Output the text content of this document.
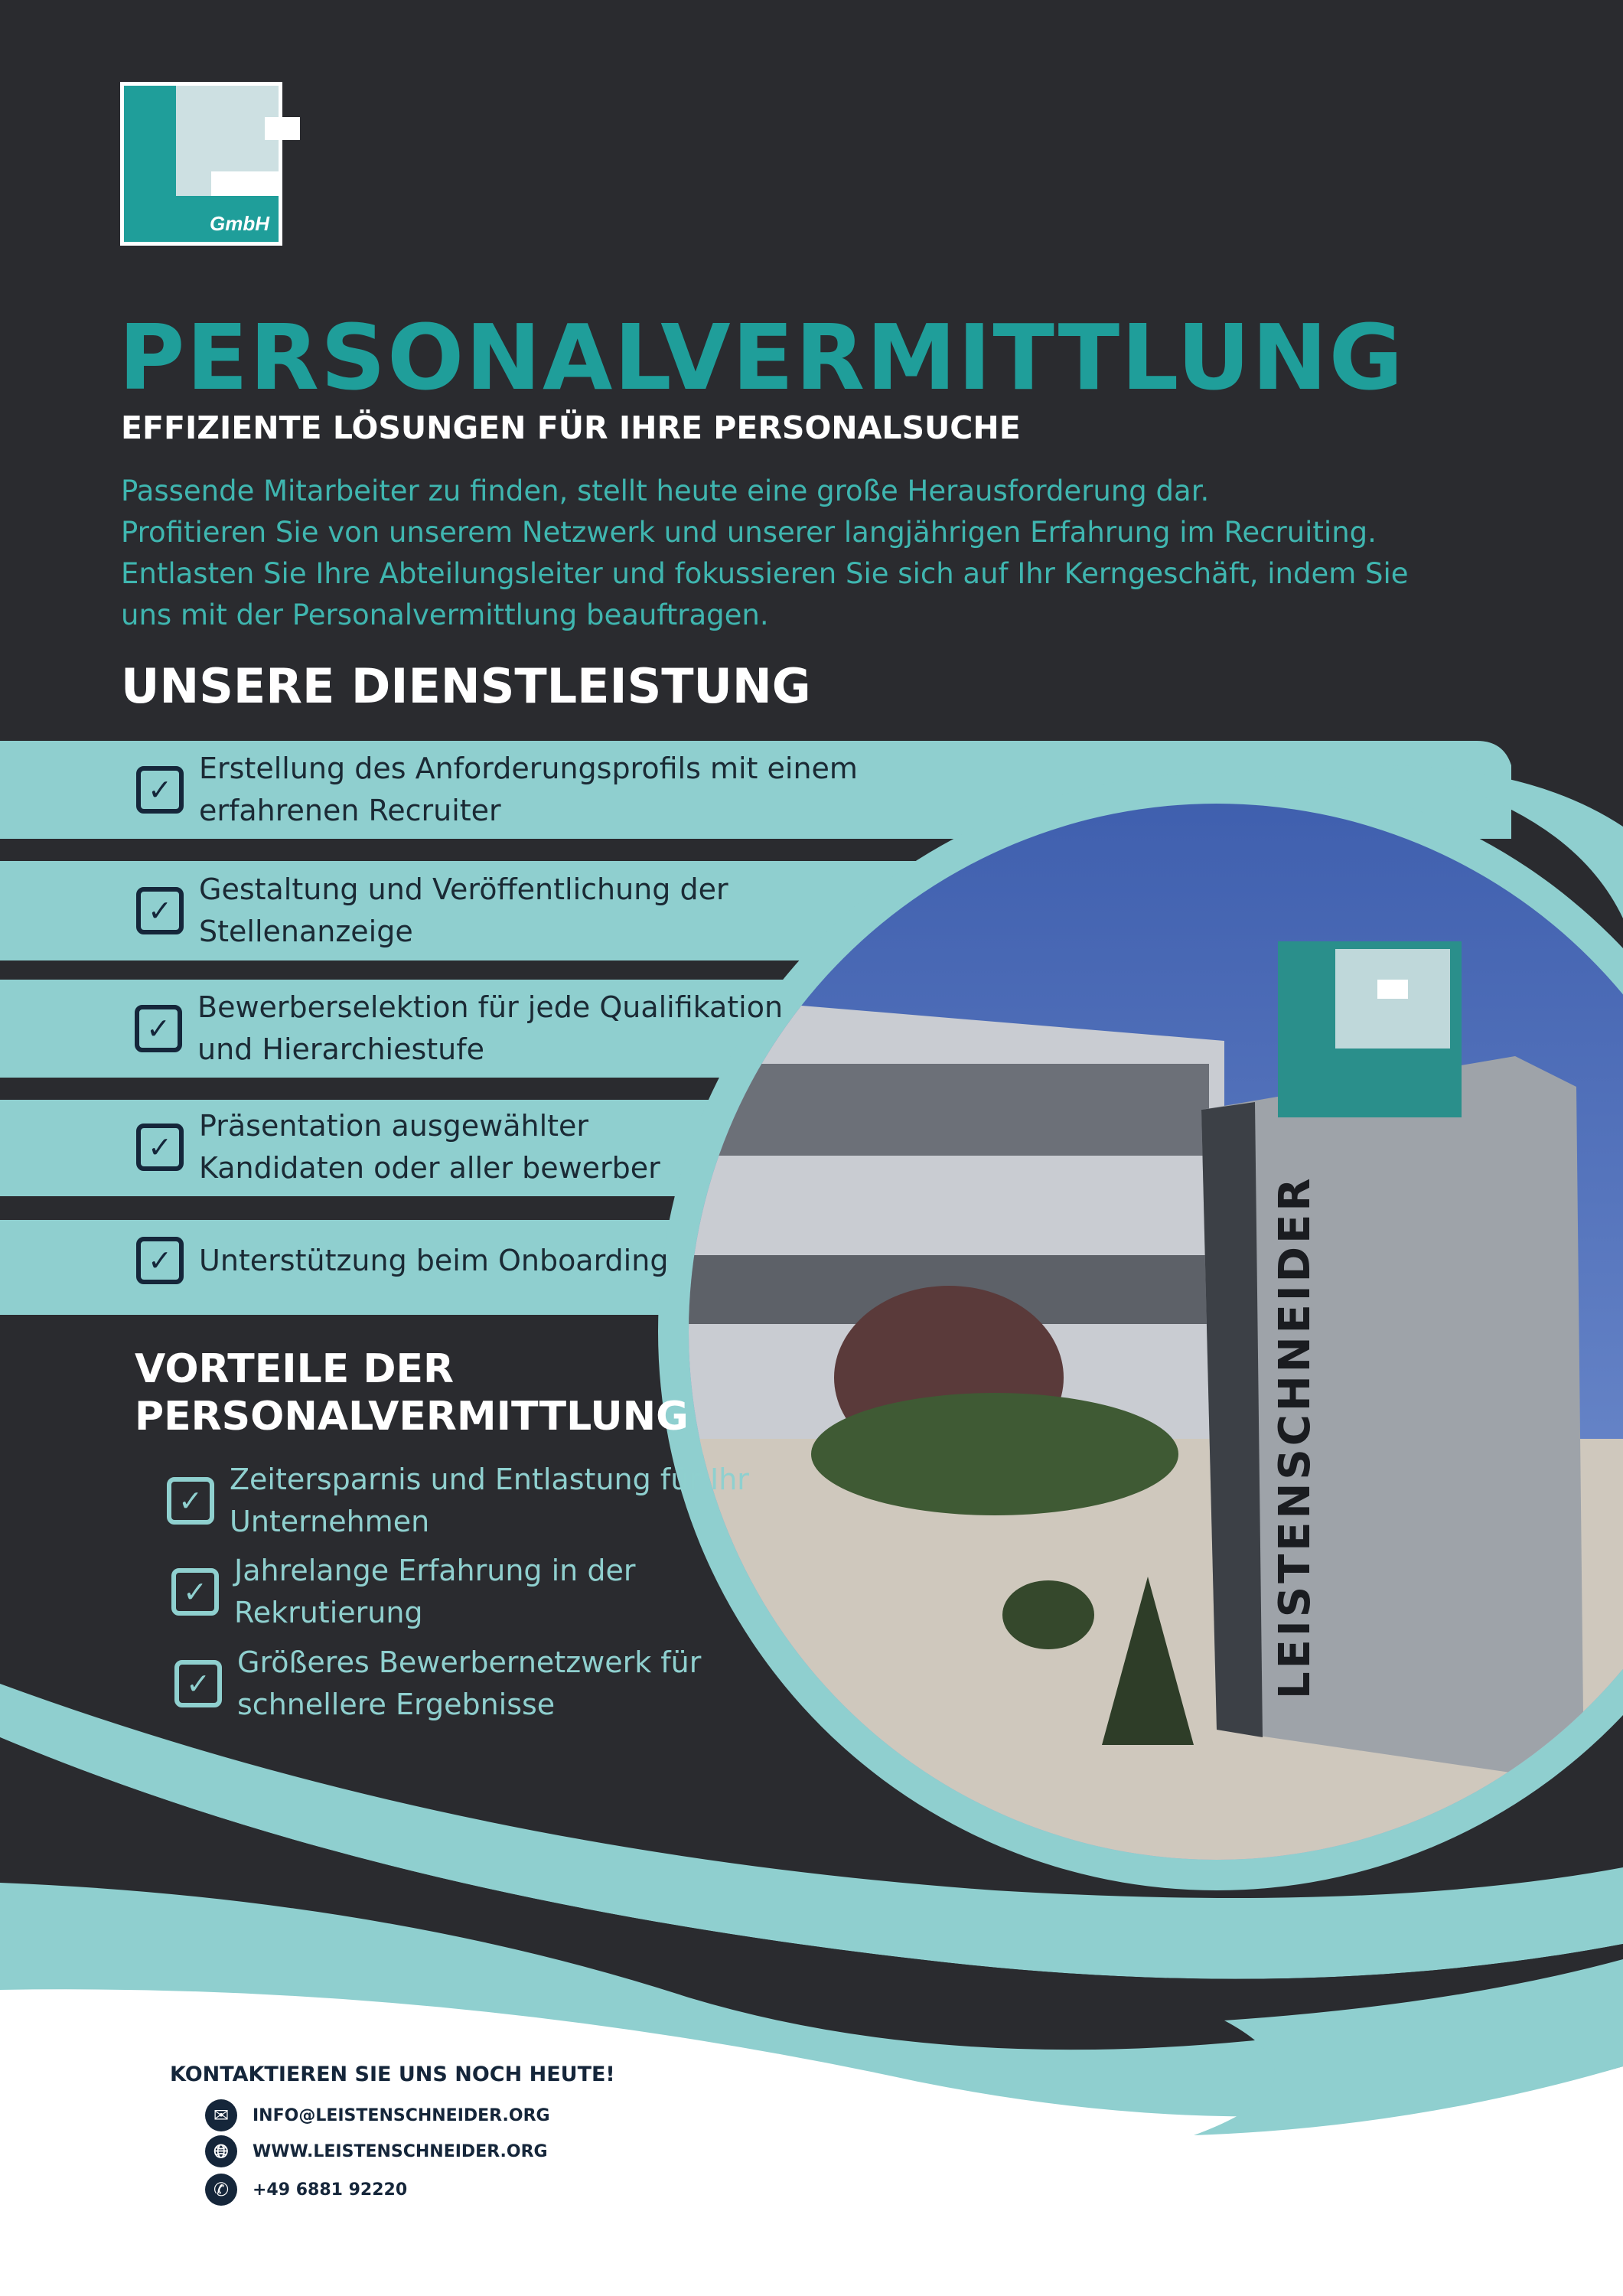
GmbH
PERSONALVERMITTLUNG
EFFIZIENTE LÖSUNGEN FÜR IHRE PERSONALSUCHE
Passende Mitarbeiter zu finden, stellt heute eine große Herausforderung dar.
Profitieren Sie von unserem Netzwerk und unserer langjährigen Erfahrung im Recruiting.
Entlasten Sie Ihre Abteilungsleiter und fokussieren Sie sich auf Ihr Kerngeschäft, indem Sie
uns mit der Personalvermittlung beauftragen.
UNSERE DIENSTLEISTUNG
✓
Erstellung des Anforderungsprofils mit einem
erfahrenen Recruiter
✓
Gestaltung und Veröffentlichung der
Stellenanzeige
✓
Bewerberselektion für jede Qualifikation
und Hierarchiestufe
✓
Präsentation ausgewählter
Kandidaten oder aller bewerber
✓ Unterstützung beim Onboarding
VORTEILE DER
PERSONALVERMITTLUNG
✓
Zeitersparnis und Entlastung für Ihr
Unternehmen
✓
Jahrelange Erfahrung in der
Rekrutierung
✓
Größeres Bewerbernetzwerk für
schnellere Ergebnisse
LEISTENSCHNEIDER
KONTAKTIEREN SIE UNS NOCH HEUTE!
✉	INFO@LEISTENSCHNEIDER.ORG
🌐︎	WWW.LEISTENSCHNEIDER.ORG
✆	+49 6881 92220
